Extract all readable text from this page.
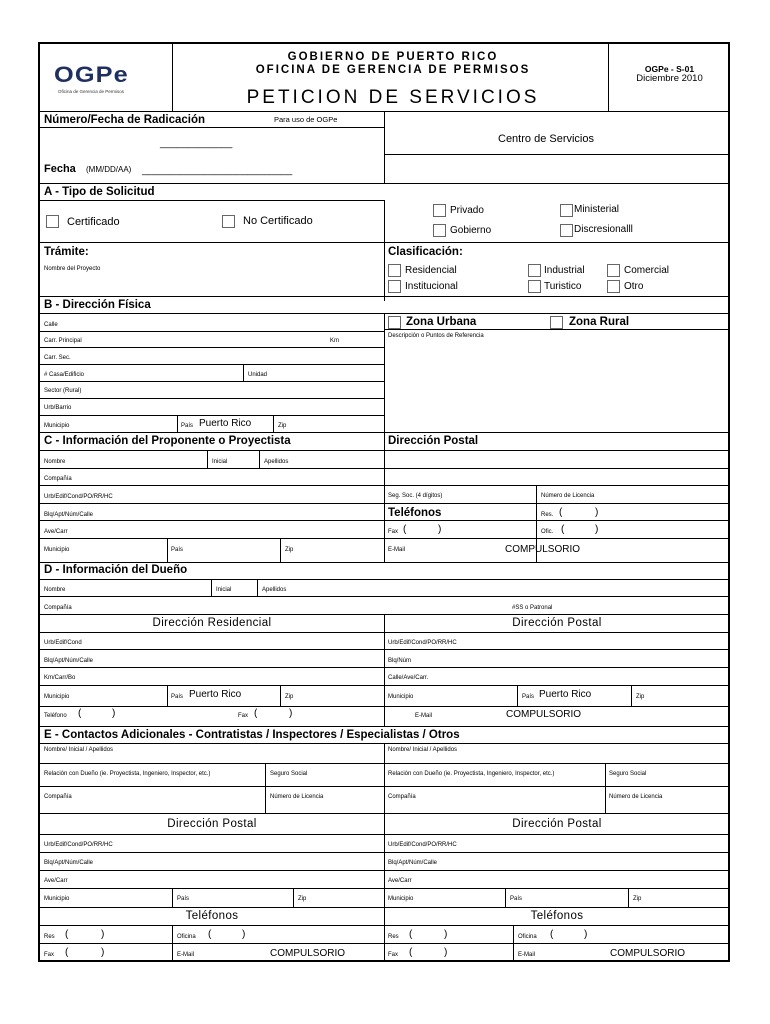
OGPe
Oficina de Gerencia de Permisos
GOBIERNO DE PUERTO RICO
OFICINA DE GERENCIA DE PERMISOS
PETICION DE SERVICIOS
OGPe - S-01
Diciembre 2010
Número/Fecha de Radicación	Para uso de OGPe
_____________
Fecha (MM/DD/AA) ___________________________
Centro de Servicios
A - Tipo de Solicitud
Certificado	No Certificado
Privado
Gobierno
Ministerial
Discresionalll
Trámite:
Nombre del Proyecto
Clasificación:
Residencial	Industrial	Comercial
Institucional	Turistico	Otro
B - Dirección Física
Calle
Carr. Principal	Km
Carr. Sec.
# Casa/Edificio	Unidad
Sector (Rural)
Urb/Barrio
Municipio	País Puerto Rico	Zip
Zona Urbana	Zona Rural
Descripción o Puntos de Referencia
C - Información del Proponente o Proyectista	Dirección Postal
Nombre	Inicial	Apellidos
Compañía
Urb/Edif/Cond/PO/RR/HC	Seg. Soc. (4 dígitos)	Número de Licencia
Blq/Apt/Núm/Calle	Teléfonos	Res. (	)
Ave/Carr	Fax (	)	Ofic. (	)
Municipio	País	Zip	E-Mail	COMPULSORIO
D - Información del Dueño
Nombre	Inicial	Apellidos
Compañía	#SS o Patronal
Dirección Residencial	Dirección Postal
Urb/Edif/Cond	Urb/Edif/Cond/PO/RR/HC
Blq/Apt/Núm/Calle	Blq/Núm
Km/Carr/Bo	Calle/Ave/Carr.
Municipio	País Puerto Rico	Zip	Municipio	País Puerto Rico	Zip
Teléfono (	)	Fax (	)	E-Mail	COMPULSORIO
E - Contactos Adicionales - Contratistas / Inspectores / Especialistas / Otros
Nombre/ Inicial / Apellidos	Nombre/ Inicial / Apellidos
Relación con Dueño (ie. Proyectista, Ingeniero, Inspector, etc.)	Seguro Social	Relación con Dueño (ie. Proyectista, Ingeniero, Inspector, etc.)	Seguro Social
Compañía	Número de Licencia	Compañía	Número de Licencia
Dirección Postal	Dirección Postal
Urb/Edif/Cond/PO/RR/HC	Urb/Edif/Cond/PO/RR/HC
Blq/Apt/Núm/Calle	Blq/Apt/Núm/Calle
Ave/Carr	Ave/Carr
Municipio	País	Zip	Municipio	País	Zip
Teléfonos	Teléfonos
Res (	)	Oficina (	)	Res (	)	Oficina (	)
Fax (	)	E-Mail	COMPULSORIO	Fax (	)	E-Mail	COMPULSORIO
